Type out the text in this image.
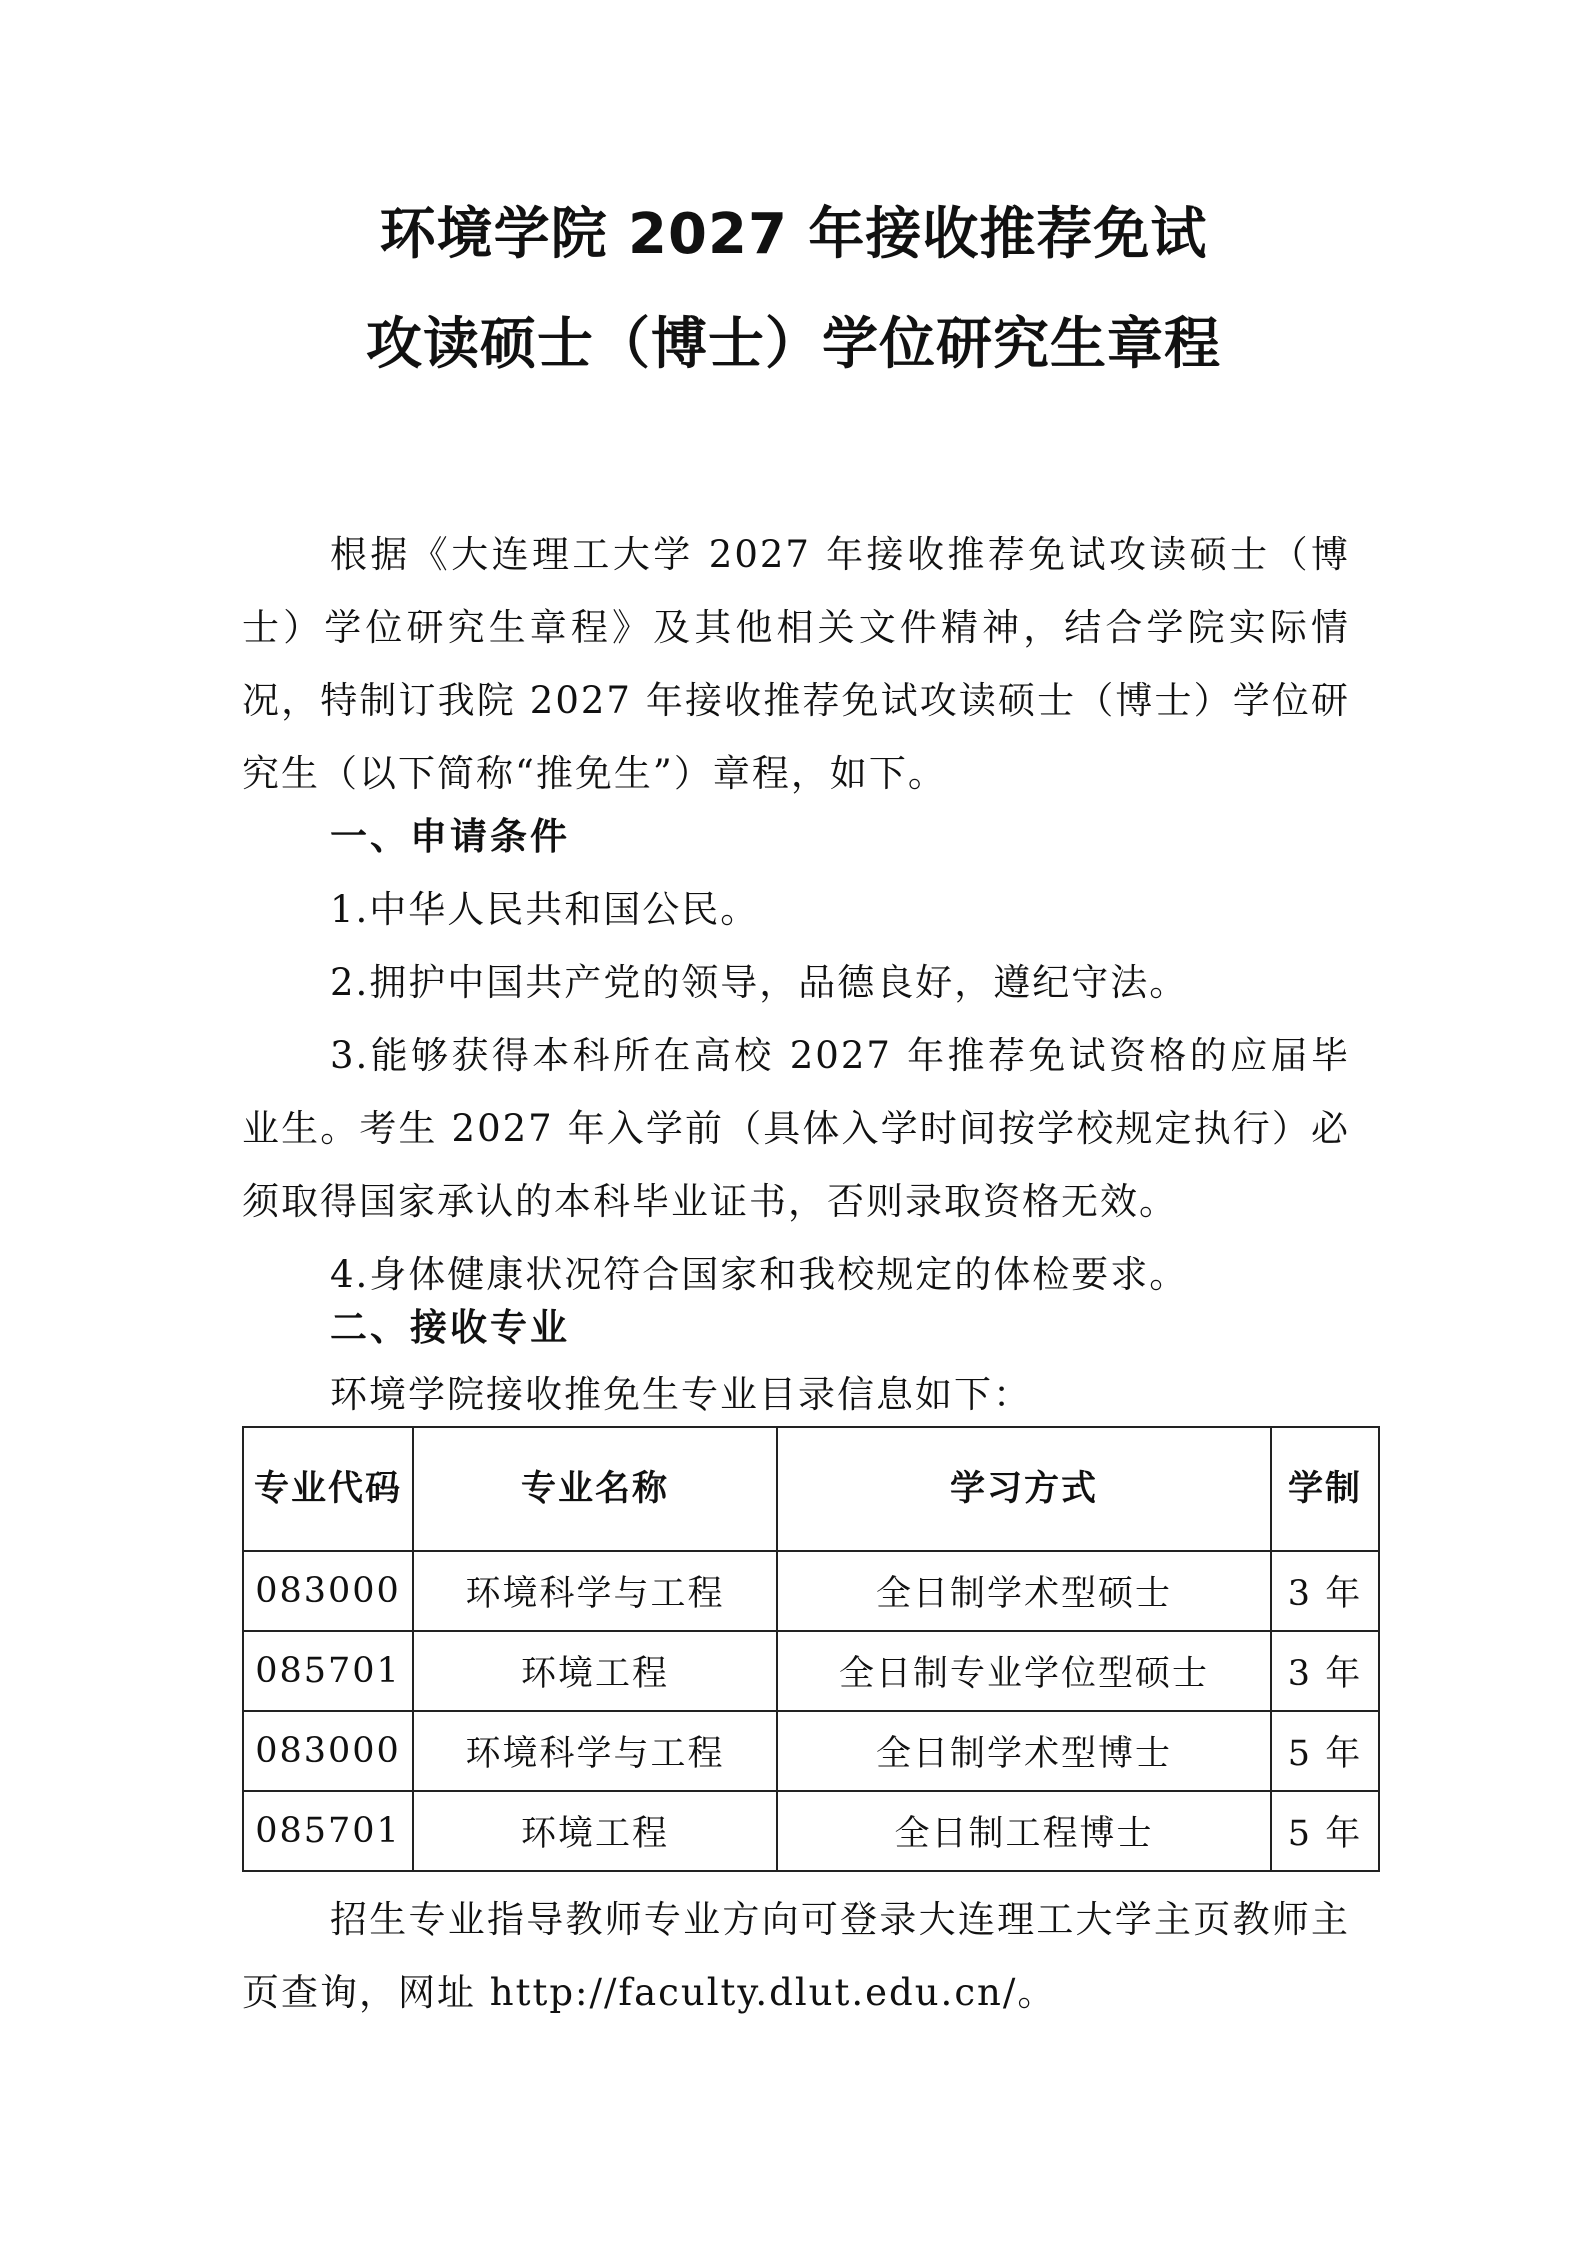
环境学院 2027 年接收推荐免试
攻读硕士（博士）学位研究生章程
根据《大连理工大学 2027 年接收推荐免试攻读硕士（博士）学位研究生章程》及其他相关文件精神，结合学院实际情况，特制订我院 2027 年接收推荐免试攻读硕士（博士）学位研究生（以下简称“推免生”）章程，如下。
一、申请条件
1.中华人民共和国公民。
2.拥护中国共产党的领导，品德良好，遵纪守法。
3.能够获得本科所在高校 2027 年推荐免试资格的应届毕业生。考生 2027 年入学前（具体入学时间按学校规定执行）必须取得国家承认的本科毕业证书，否则录取资格无效。
4.身体健康状况符合国家和我校规定的体检要求。
二、接收专业
环境学院接收推免生专业目录信息如下：
专业代码	专业名称	学习方式	学制
083000	环境科学与工程	全日制学术型硕士	3 年
085701	环境工程	全日制专业学位型硕士	3 年
083000	环境科学与工程	全日制学术型博士	5 年
085701	环境工程	全日制工程博士	5 年
招生专业指导教师专业方向可登录大连理工大学主页教师主页查询，网址 http://faculty.dlut.edu.cn/。
